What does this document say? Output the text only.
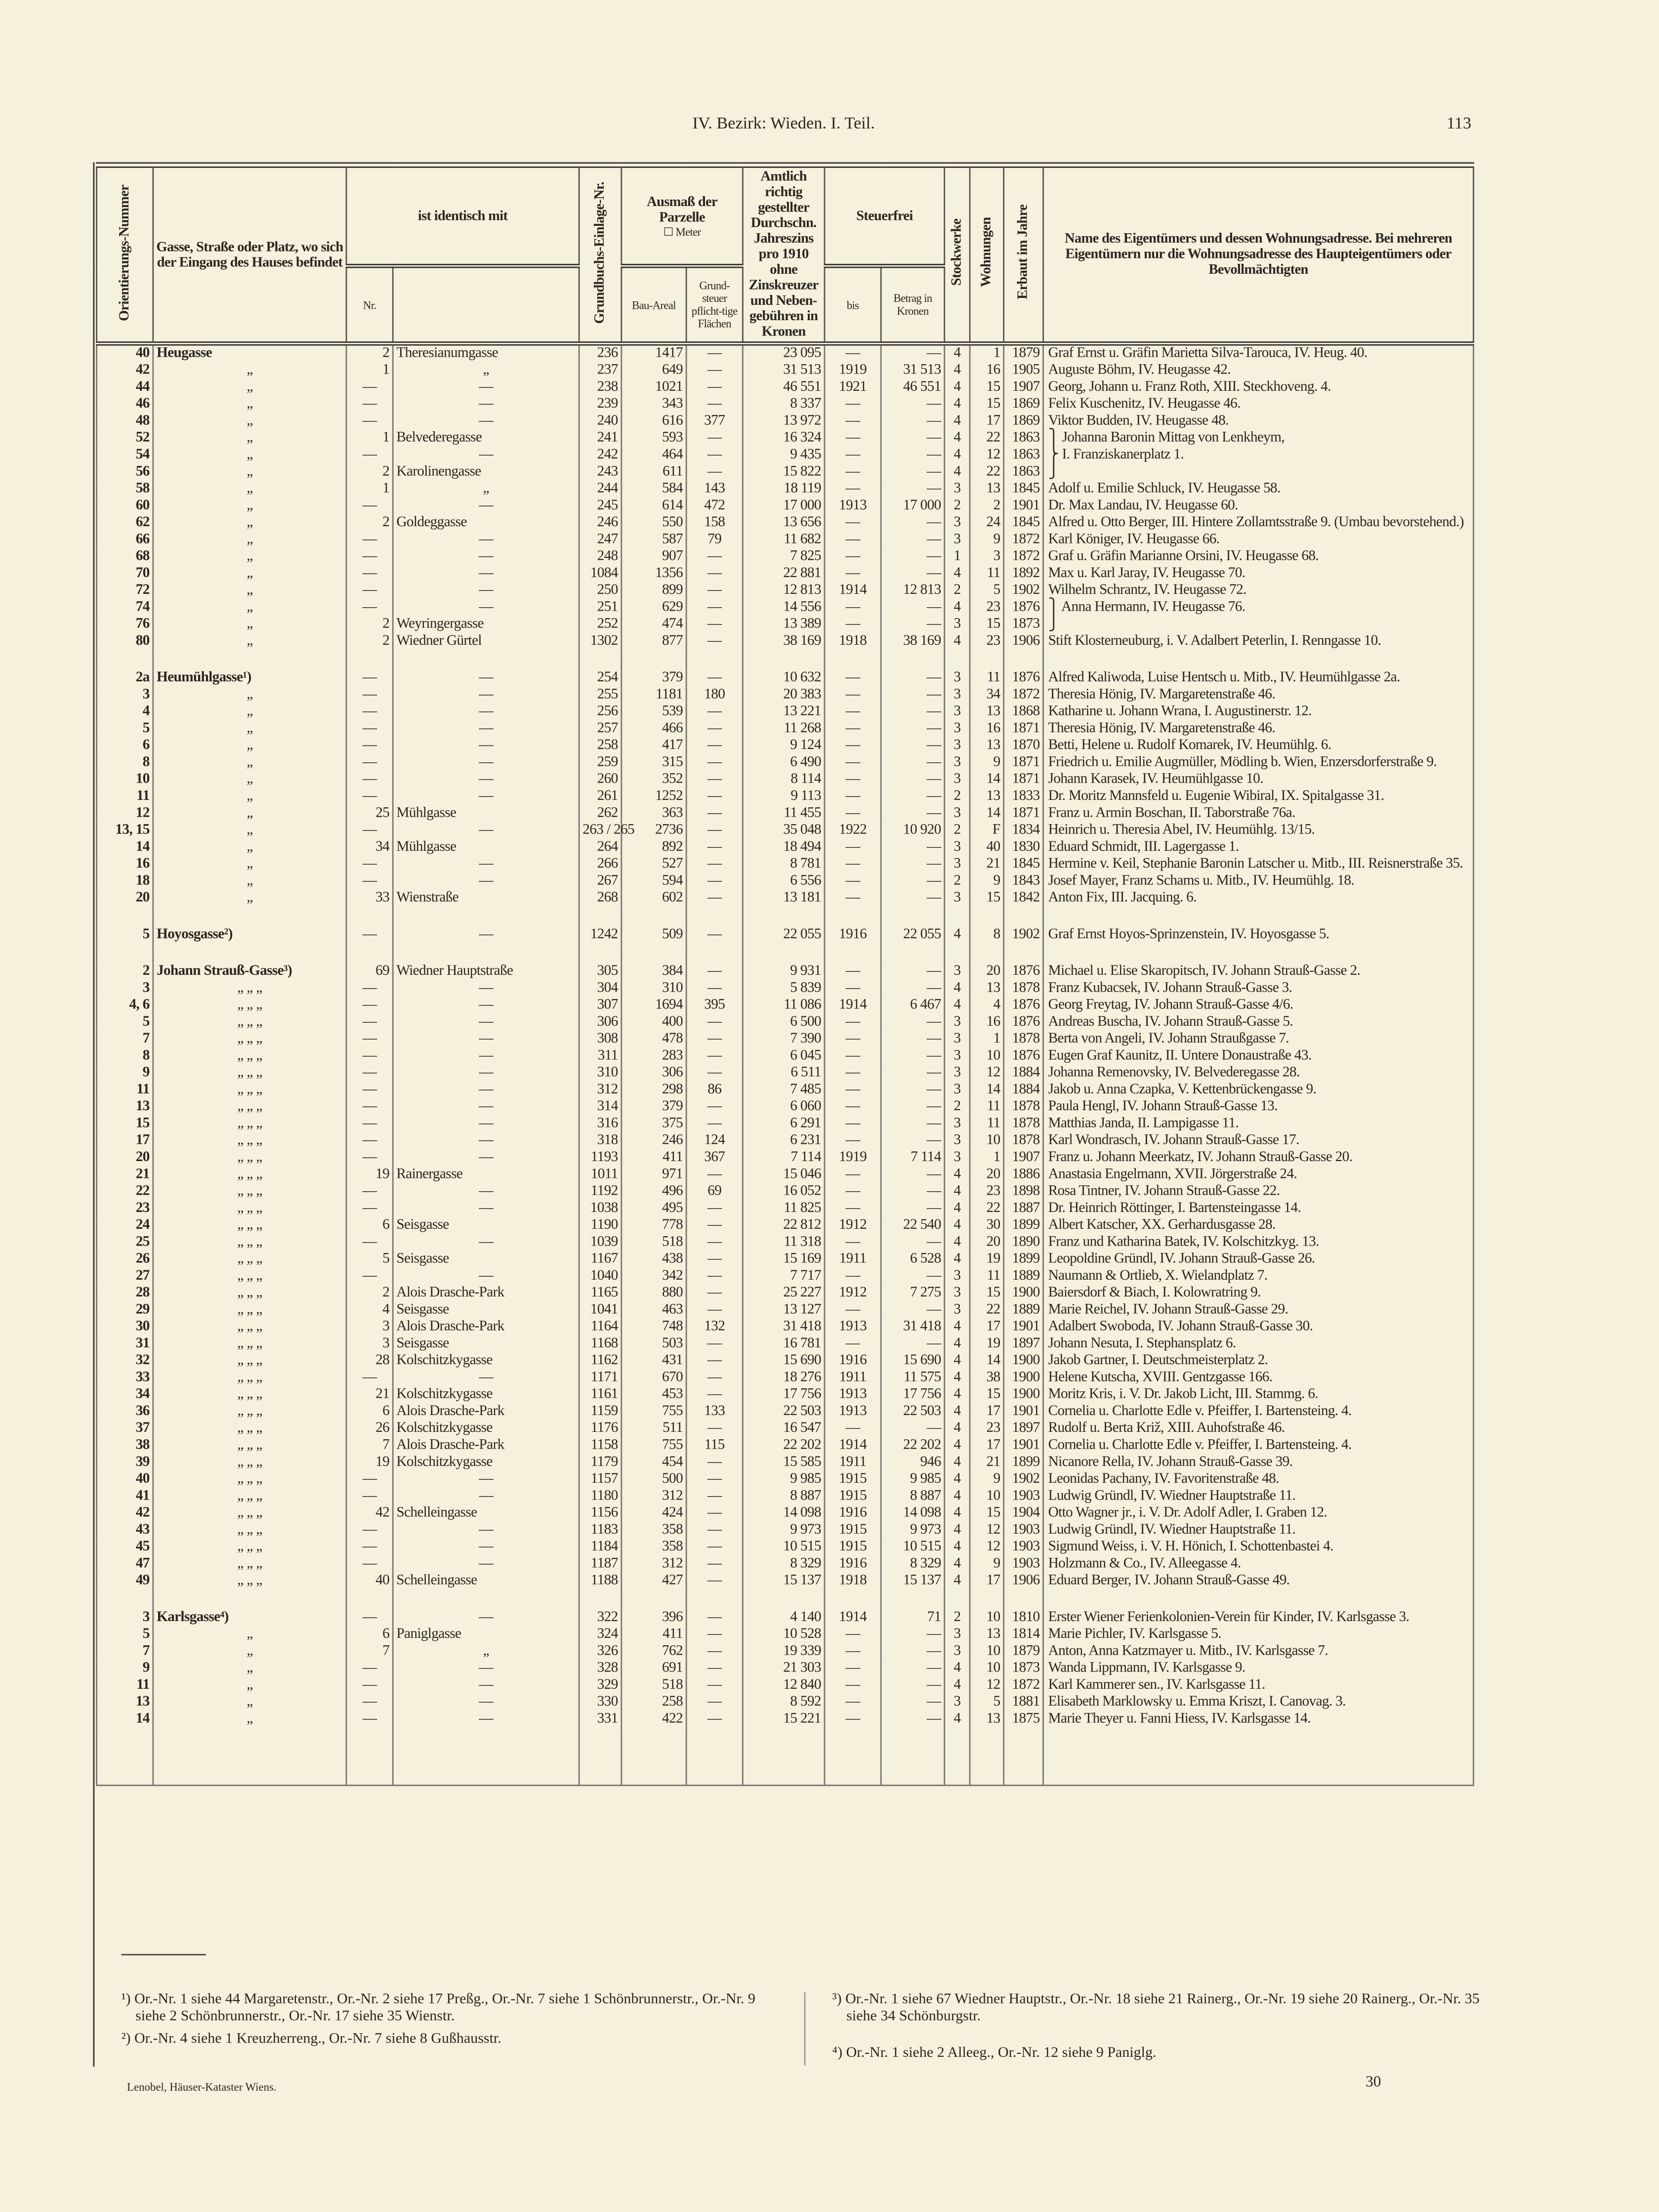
IV. Bezirk: Wieden. I. Teil.	113
Orientierungs-Nummer	Gasse, Straße oder Platz, wo sich der Eingang des Hauses befindet	ist identisch mit		Grundbuchs-Einlage-Nr.	Ausmaß der Parzelle
☐ Meter		Amtlich richtig gestellter Durchschn. Jahreszins pro 1910 ohne Zinskreuzer und Neben-gebühren in Kronen	Steuerfrei		Stockwerke	Wohnungen	Erbaut im Jahre	Name des Eigentümers und dessen Wohnungsadresse. Bei mehreren Eigentümern nur die Wohnungsadresse des Haupteigentümers oder Bevollmächtigten
		Nr.			Bau-Areal	Grund-steuer pflicht-tige Flächen		bis	Betrag in Kronen				
40	Heugasse	2	Theresianumgasse	236	1417	—	23 095	—	—	4	1	1879	Graf Ernst u. Gräfin Marietta Silva-Tarouca, IV. Heug. 40.
42	„	1	„	237	649	—	31 513	1919	31 513	4	16	1905	Auguste Böhm, IV. Heugasse 42.
44	„	—	—	238	1021	—	46 551	1921	46 551	4	15	1907	Georg, Johann u. Franz Roth, XIII. Steckhoveng. 4.
46	„	—	—	239	343	—	8 337	—	—	4	15	1869	Felix Kuschenitz, IV. Heugasse 46.
48	„	—	—	240	616	377	13 972	—	—	4	17	1869	Viktor Budden, IV. Heugasse 48.
52	„	1	Belvederegasse	241	593	—	16 324	—	—	4	22	1863	⎫ Johanna Baronin Mittag von Lenkheym,
54	„	—	—	242	464	—	9 435	—	—	4	12	1863	⎬ I. Franziskanerplatz 1.
56	„	2	Karolinengasse	243	611	—	15 822	—	—	4	22	1863	⎭
58	„	1	„	244	584	143	18 119	—	—	3	13	1845	Adolf u. Emilie Schluck, IV. Heugasse 58.
60	„	—	—	245	614	472	17 000	1913	17 000	2	2	1901	Dr. Max Landau, IV. Heugasse 60.
62	„	2	Goldeggasse	246	550	158	13 656	—	—	3	24	1845	Alfred u. Otto Berger, III. Hintere Zollamtsstraße 9. (Umbau bevorstehend.)
66	„	—	—	247	587	79	11 682	—	—	3	9	1872	Karl Königer, IV. Heugasse 66.
68	„	—	—	248	907	—	7 825	—	—	1	3	1872	Graf u. Gräfin Marianne Orsini, IV. Heugasse 68.
70	„	—	—	1084	1356	—	22 881	—	—	4	11	1892	Max u. Karl Jaray, IV. Heugasse 70.
72	„	—	—	250	899	—	12 813	1914	12 813	2	5	1902	Wilhelm Schrantz, IV. Heugasse 72.
74	„	—	—	251	629	—	14 556	—	—	4	23	1876	⎫ Anna Hermann, IV. Heugasse 76.
76	„	2	Weyringergasse	252	474	—	13 389	—	—	3	15	1873	⎭
80	„	2	Wiedner Gürtel	1302	877	—	38 169	1918	38 169	4	23	1906	Stift Klosterneuburg, i. V. Adalbert Peterlin, I. Renngasse 10.

2a	Heumühlgasse¹)	—	—	254	379	—	10 632	—	—	3	11	1876	Alfred Kaliwoda, Luise Hentsch u. Mitb., IV. Heumühlgasse 2a.
3	„	—	—	255	1181	180	20 383	—	—	3	34	1872	Theresia Hönig, IV. Margaretenstraße 46.
4	„	—	—	256	539	—	13 221	—	—	3	13	1868	Katharine u. Johann Wrana, I. Augustinerstr. 12.
5	„	—	—	257	466	—	11 268	—	—	3	16	1871	Theresia Hönig, IV. Margaretenstraße 46.
6	„	—	—	258	417	—	9 124	—	—	3	13	1870	Betti, Helene u. Rudolf Komarek, IV. Heumühlg. 6.
8	„	—	—	259	315	—	6 490	—	—	3	9	1871	Friedrich u. Emilie Augmüller, Mödling b. Wien, Enzersdorferstraße 9.
10	„	—	—	260	352	—	8 114	—	—	3	14	1871	Johann Karasek, IV. Heumühlgasse 10.
11	„	—	—	261	1252	—	9 113	—	—	2	13	1833	Dr. Moritz Mannsfeld u. Eugenie Wibiral, IX. Spitalgasse 31.
12	„	25	Mühlgasse	262	363	—	11 455	—	—	3	14	1871	Franz u. Armin Boschan, II. Taborstraße 76a.
13, 15	„	—	—	263 / 265	2736	—	35 048	1922	10 920	2	F	1834	Heinrich u. Theresia Abel, IV. Heumühlg. 13/15.
14	„	34	Mühlgasse	264	892	—	18 494	—	—	3	40	1830	Eduard Schmidt, III. Lagergasse 1.
16	„	—	—	266	527	—	8 781	—	—	3	21	1845	Hermine v. Keil, Stephanie Baronin Latscher u. Mitb., III. Reisnerstraße 35.
18	„	—	—	267	594	—	6 556	—	—	2	9	1843	Josef Mayer, Franz Schams u. Mitb., IV. Heumühlg. 18.
20	„	33	Wienstraße	268	602	—	13 181	—	—	3	15	1842	Anton Fix, III. Jacquing. 6.

5	Hoyosgasse²)	—	—	1242	509	—	22 055	1916	22 055	4	8	1902	Graf Ernst Hoyos-Sprinzenstein, IV. Hoyosgasse 5.

2	Johann Strauß-Gasse³)	69	Wiedner Hauptstraße	305	384	—	9 931	—	—	3	20	1876	Michael u. Elise Skaropitsch, IV. Johann Strauß-Gasse 2.
3	„ „ „	—	—	304	310	—	5 839	—	—	4	13	1878	Franz Kubacsek, IV. Johann Strauß-Gasse 3.
4, 6	„ „ „	—	—	307	1694	395	11 086	1914	6 467	4	4	1876	Georg Freytag, IV. Johann Strauß-Gasse 4/6.
5	„ „ „	—	—	306	400	—	6 500	—	—	3	16	1876	Andreas Buscha, IV. Johann Strauß-Gasse 5.
7	„ „ „	—	—	308	478	—	7 390	—	—	3	1	1878	Berta von Angeli, IV. Johann Straußgasse 7.
8	„ „ „	—	—	311	283	—	6 045	—	—	3	10	1876	Eugen Graf Kaunitz, II. Untere Donaustraße 43.
9	„ „ „	—	—	310	306	—	6 511	—	—	3	12	1884	Johanna Remenovsky, IV. Belvederegasse 28.
11	„ „ „	—	—	312	298	86	7 485	—	—	3	14	1884	Jakob u. Anna Czapka, V. Kettenbrückengasse 9.
13	„ „ „	—	—	314	379	—	6 060	—	—	2	11	1878	Paula Hengl, IV. Johann Strauß-Gasse 13.
15	„ „ „	—	—	316	375	—	6 291	—	—	3	11	1878	Matthias Janda, II. Lampigasse 11.
17	„ „ „	—	—	318	246	124	6 231	—	—	3	10	1878	Karl Wondrasch, IV. Johann Strauß-Gasse 17.
20	„ „ „	—	—	1193	411	367	7 114	1919	7 114	3	1	1907	Franz u. Johann Meerkatz, IV. Johann Strauß-Gasse 20.
21	„ „ „	19	Rainergasse	1011	971	—	15 046	—	—	4	20	1886	Anastasia Engelmann, XVII. Jörgerstraße 24.
22	„ „ „	—	—	1192	496	69	16 052	—	—	4	23	1898	Rosa Tintner, IV. Johann Strauß-Gasse 22.
23	„ „ „	—	—	1038	495	—	11 825	—	—	4	22	1887	Dr. Heinrich Röttinger, I. Bartensteingasse 14.
24	„ „ „	6	Seisgasse	1190	778	—	22 812	1912	22 540	4	30	1899	Albert Katscher, XX. Gerhardusgasse 28.
25	„ „ „	—	—	1039	518	—	11 318	—	—	4	20	1890	Franz und Katharina Batek, IV. Kolschitzkyg. 13.
26	„ „ „	5	Seisgasse	1167	438	—	15 169	1911	6 528	4	19	1899	Leopoldine Gründl, IV. Johann Strauß-Gasse 26.
27	„ „ „	—	—	1040	342	—	7 717	—	—	3	11	1889	Naumann & Ortlieb, X. Wielandplatz 7.
28	„ „ „	2	Alois Drasche-Park	1165	880	—	25 227	1912	7 275	3	15	1900	Baiersdorf & Biach, I. Kolowratring 9.
29	„ „ „	4	Seisgasse	1041	463	—	13 127	—	—	3	22	1889	Marie Reichel, IV. Johann Strauß-Gasse 29.
30	„ „ „	3	Alois Drasche-Park	1164	748	132	31 418	1913	31 418	4	17	1901	Adalbert Swoboda, IV. Johann Strauß-Gasse 30.
31	„ „ „	3	Seisgasse	1168	503	—	16 781	—	—	4	19	1897	Johann Nesuta, I. Stephansplatz 6.
32	„ „ „	28	Kolschitzkygasse	1162	431	—	15 690	1916	15 690	4	14	1900	Jakob Gartner, I. Deutschmeisterplatz 2.
33	„ „ „	—	—	1171	670	—	18 276	1911	11 575	4	38	1900	Helene Kutscha, XVIII. Gentzgasse 166.
34	„ „ „	21	Kolschitzkygasse	1161	453	—	17 756	1913	17 756	4	15	1900	Moritz Kris, i. V. Dr. Jakob Licht, III. Stammg. 6.
36	„ „ „	6	Alois Drasche-Park	1159	755	133	22 503	1913	22 503	4	17	1901	Cornelia u. Charlotte Edle v. Pfeiffer, I. Bartensteing. 4.
37	„ „ „	26	Kolschitzkygasse	1176	511	—	16 547	—	—	4	23	1897	Rudolf u. Berta Križ, XIII. Auhofstraße 46.
38	„ „ „	7	Alois Drasche-Park	1158	755	115	22 202	1914	22 202	4	17	1901	Cornelia u. Charlotte Edle v. Pfeiffer, I. Bartensteing. 4.
39	„ „ „	19	Kolschitzkygasse	1179	454	—	15 585	1911	946	4	21	1899	Nicanore Rella, IV. Johann Strauß-Gasse 39.
40	„ „ „	—	—	1157	500	—	9 985	1915	9 985	4	9	1902	Leonidas Pachany, IV. Favoritenstraße 48.
41	„ „ „	—	—	1180	312	—	8 887	1915	8 887	4	10	1903	Ludwig Gründl, IV. Wiedner Hauptstraße 11.
42	„ „ „	42	Schelleingasse	1156	424	—	14 098	1916	14 098	4	15	1904	Otto Wagner jr., i. V. Dr. Adolf Adler, I. Graben 12.
43	„ „ „	—	—	1183	358	—	9 973	1915	9 973	4	12	1903	Ludwig Gründl, IV. Wiedner Hauptstraße 11.
45	„ „ „	—	—	1184	358	—	10 515	1915	10 515	4	12	1903	Sigmund Weiss, i. V. H. Hönich, I. Schottenbastei 4.
47	„ „ „	—	—	1187	312	—	8 329	1916	8 329	4	9	1903	Holzmann & Co., IV. Alleegasse 4.
49	„ „ „	40	Schelleingasse	1188	427	—	15 137	1918	15 137	4	17	1906	Eduard Berger, IV. Johann Strauß-Gasse 49.

3	Karlsgasse⁴)	—	—	322	396	—	4 140	1914	71	2	10	1810	Erster Wiener Ferienkolonien-Verein für Kinder, IV. Karlsgasse 3.
5	„	6	Paniglgasse	324	411	—	10 528	—	—	3	13	1814	Marie Pichler, IV. Karlsgasse 5.
7	„	7	„	326	762	—	19 339	—	—	3	10	1879	Anton, Anna Katzmayer u. Mitb., IV. Karlsgasse 7.
9	„	—	—	328	691	—	21 303	—	—	4	10	1873	Wanda Lippmann, IV. Karlsgasse 9.
11	„	—	—	329	518	—	12 840	—	—	4	12	1872	Karl Kammerer sen., IV. Karlsgasse 11.
13	„	—	—	330	258	—	8 592	—	—	3	5	1881	Elisabeth Marklowsky u. Emma Kriszt, I. Canovag. 3.
14	„	—	—	331	422	—	15 221	—	—	4	13	1875	Marie Theyer u. Fanni Hiess, IV. Karlsgasse 14.

¹) Or.-Nr. 1 siehe 44 Margaretenstr., Or.-Nr. 2 siehe 17 Preßg., Or.-Nr. 7 siehe 1 Schönbrunnerstr., Or.-Nr. 9 siehe 2 Schönbrunnerstr., Or.-Nr. 17 siehe 35 Wienstr.

²) Or.-Nr. 4 siehe 1 Kreuzherreng., Or.-Nr. 7 siehe 8 Gußhausstr.

³) Or.-Nr. 1 siehe 67 Wiedner Hauptstr., Or.-Nr. 18 siehe 21 Rainerg., Or.-Nr. 19 siehe 20 Rainerg., Or.-Nr. 35 siehe 34 Schönburgstr.

⁴) Or.-Nr. 1 siehe 2 Alleeg., Or.-Nr. 12 siehe 9 Paniglg.

Lenobel, Häuser-Kataster Wiens.	30
